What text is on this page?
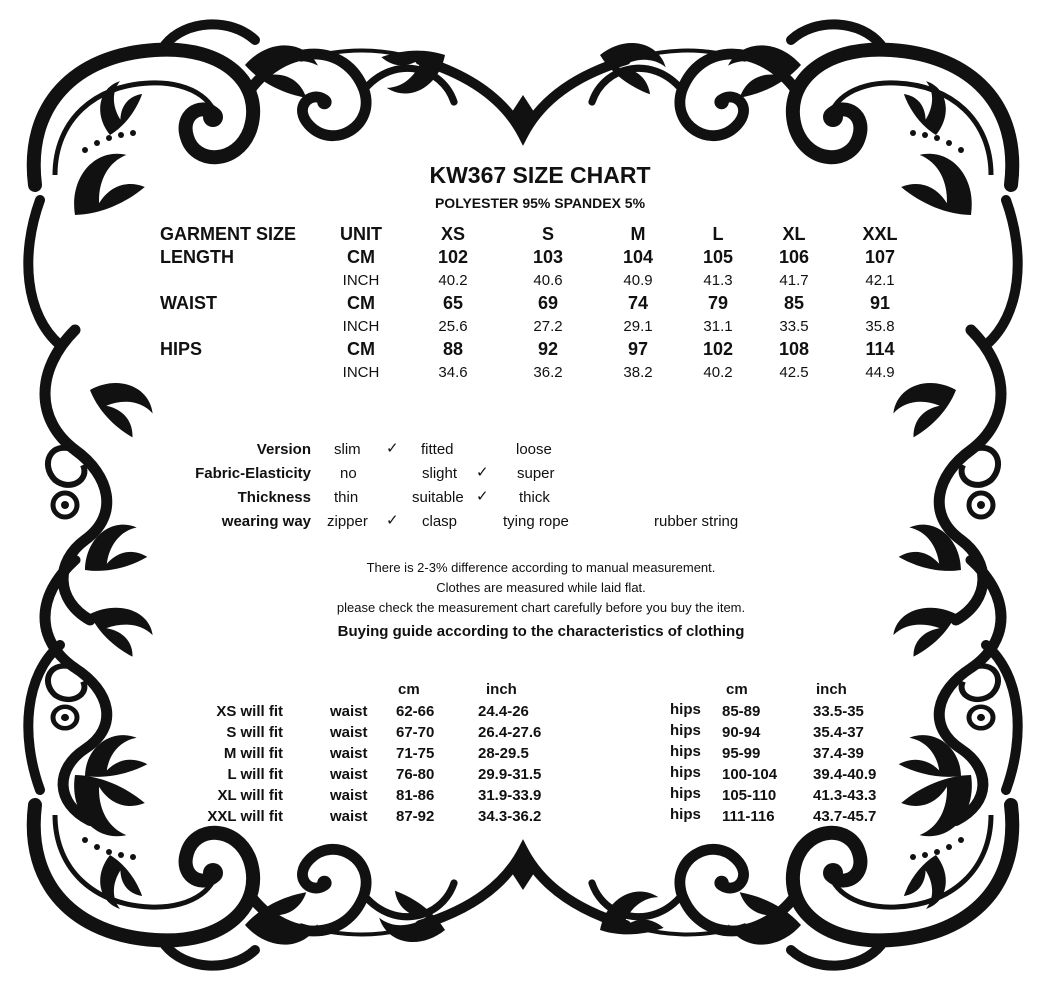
KW367 SIZE CHART
POLYESTER 95% SPANDEX 5%
GARMENT SIZE UNIT	XS	S	M	L	XL	XXL
LENGTH	CM	102	103	104	105	106	107
INCH	40.2	40.6	40.9	41.3	41.7	42.1
WAIST	CM	65	69	74	79	85	91
INCH	25.6	27.2	29.1	31.1	33.5	35.8
HIPS	CM	88	92	97	102	108	114
INCH	34.6	36.2	38.2	40.2	42.5	44.9
Version slim ✓ fitted	loose
Fabric-Elasticity no	slight ✓ super
Thickness thin	suitable ✓ thick
wearing way zipper ✓ clasp	tying rope	rubber string
There is 2-3% difference according to manual measurement.
Clothes are measured while laid flat.
please check the measurement chart carefully before you buy the item.
Buying guide according to the characteristics of clothing
cm	inch	cm	inch
XS will fit	waist 62-66	24.4-26	hips 85-89	33.5-35
S will fit	waist 67-70	26.4-27.6	hips 90-94	35.4-37
M will fit	waist 71-75	28-29.5	hips 95-99	37.4-39
L will fit	waist 76-80	29.9-31.5	hips 100-104 39.4-40.9
XL will fit	waist 81-86	31.9-33.9	hips 105-110 41.3-43.3
XXL will fit	waist 87-92	34.3-36.2	hips 111-116	43.7-45.7
